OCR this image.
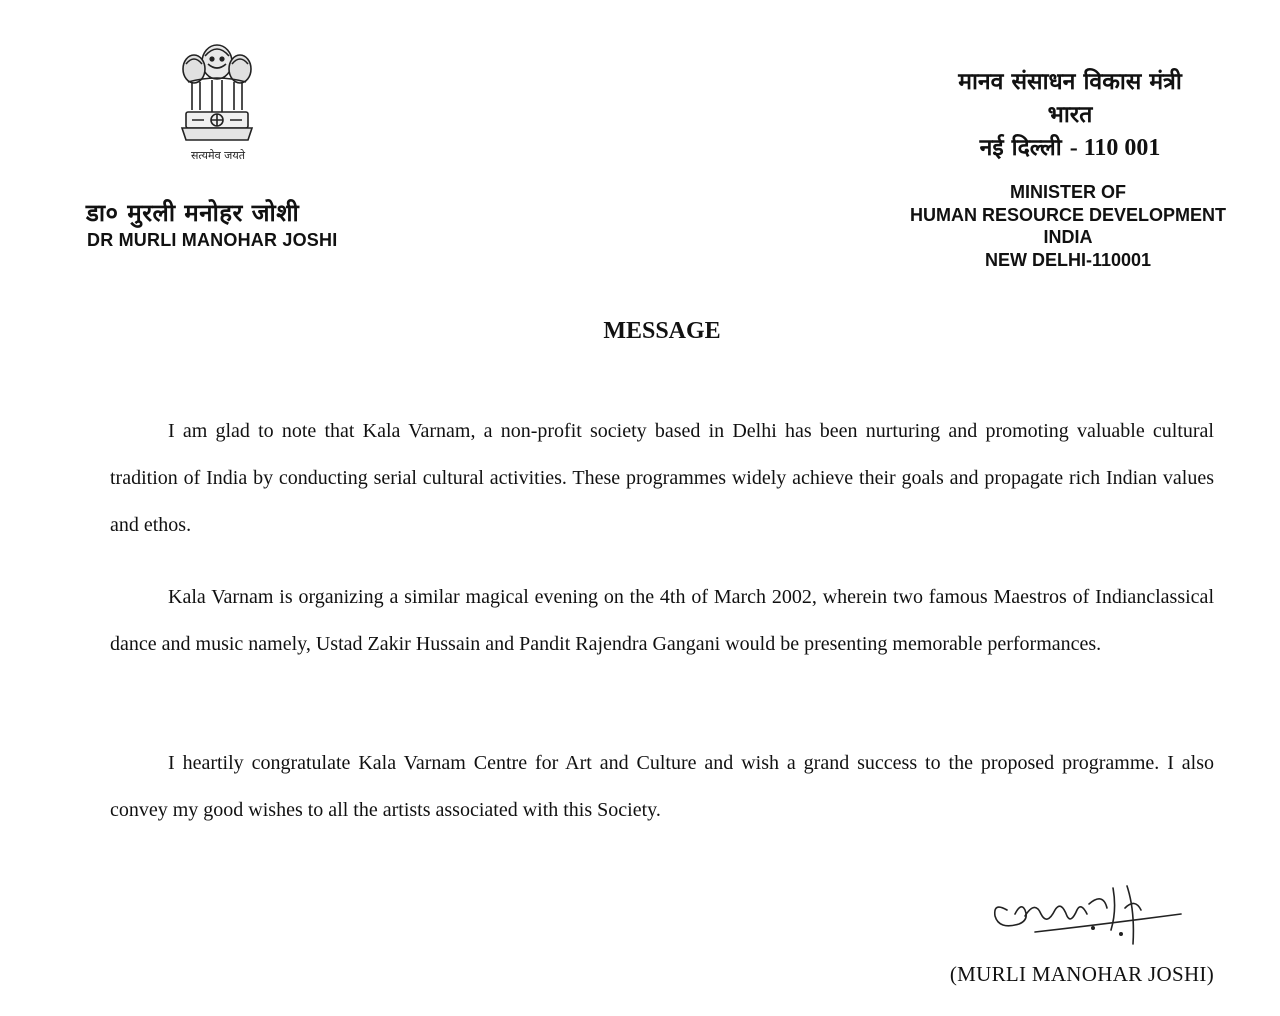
सत्यमेव जयते
डा० मुरली मनोहर जोशी
DR MURLI MANOHAR JOSHI
मानव संसाधन विकास मंत्री
भारत
नई दिल्ली - 110 001
MINISTER OF
HUMAN RESOURCE DEVELOPMENT
INDIA
NEW DELHI-110001
MESSAGE
I am glad to note that Kala Varnam, a non-profit society based in Delhi has been nurturing and promoting valuable cultural tradition of India by conducting serial cultural activities. These programmes widely achieve their goals and propagate rich Indian values and ethos.
Kala Varnam is organizing a similar magical evening on the 4th of March 2002, wherein two famous Maestros of Indianclassical dance and music namely, Ustad Zakir Hussain and Pandit Rajendra Gangani would be presenting memorable performances.
I heartily congratulate Kala Varnam Centre for Art and Culture and wish a grand success to the proposed programme. I also convey my good wishes to all the artists associated with this Society.
(MURLI MANOHAR JOSHI)
